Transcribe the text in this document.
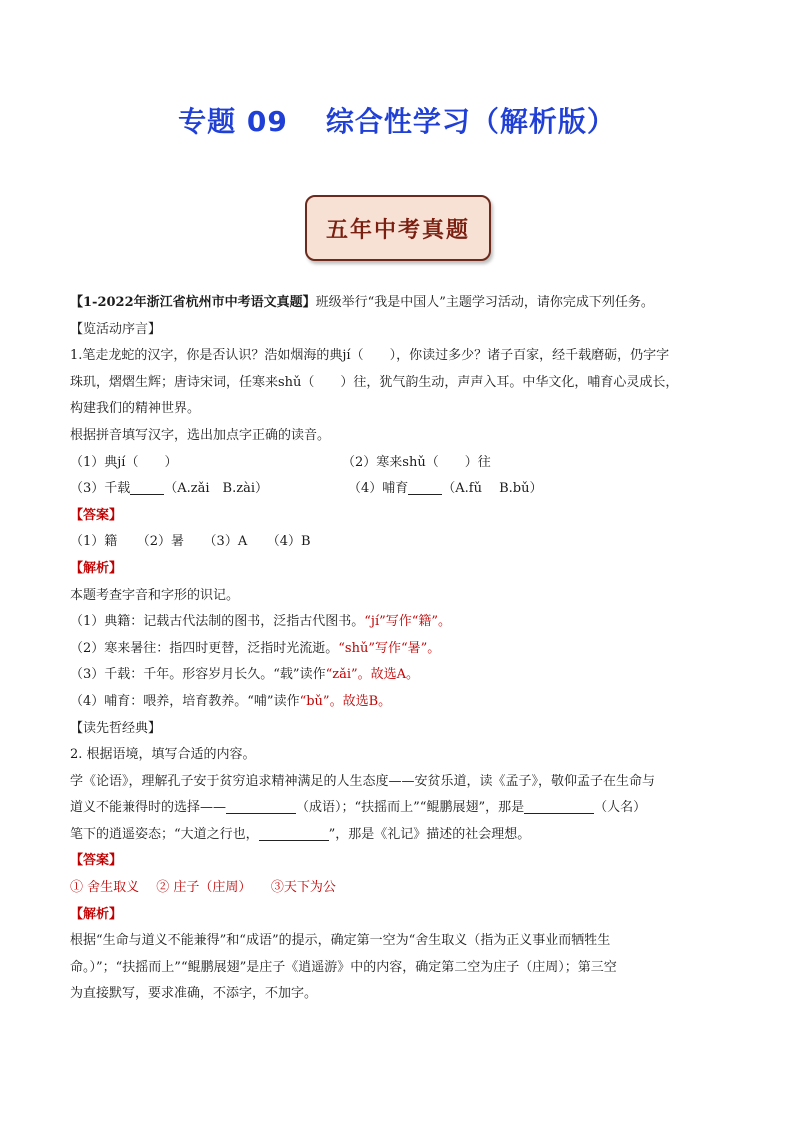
专题 09 综合性学习（解析版）
五年中考真题
【1-2022年浙江省杭州市中考语文真题】班级举行“我是中国人”主题学习活动，请你完成下列任务。
【览活动序言】
1.笔走龙蛇的汉字，你是否认识？浩如烟海的典jí（　　），你读过多少？诸子百家，经千载磨砺，仍字字
珠玑，熠熠生辉；唐诗宋词，任寒来shǔ（　　）往，犹气韵生动，声声入耳。中华文化，哺育心灵成长，
构建我们的精神世界。
根据拼音填写汉字，选出加点字正确的读音。
（1）典jí（　　）	（2）寒来shǔ（　　）往
（3）千载	（A.zǎi　B.zài）	（4）哺育	（A.fǔ　 B.bǔ）
【答案】
（1）籍　　（2）暑　　（3）A　　（4）B
【解析】
本题考查字音和字形的识记。
（1）典籍：记载古代法制的图书，泛指古代图书。“jí”写作“籍”。
（2）寒来暑往：指四时更替，泛指时光流逝。“shǔ”写作“暑”。
（3）千载：千年。形容岁月长久。“载”读作“zǎi”。故选A。
（4）哺育：喂养，培育教养。“哺”读作“bǔ”。故选B。
【读先哲经典】
2. 根据语境，填写合适的内容。
学《论语》，理解孔子安于贫穷追求精神满足的人生态度——安贫乐道，读《孟子》，敬仰孟子在生命与
道义不能兼得时的选择——	（成语）；“扶摇而上”“鲲鹏展翅”，那是	（人名）
笔下的逍遥姿态；“大道之行也，	”，那是《礼记》描述的社会理想。
【答案】
① 舍生取义　 ② 庄子（庄周）　　③天下为公
【解析】
根据“生命与道义不能兼得”和“成语”的提示，确定第一空为“舍生取义（指为正义事业而牺牲生
命。）”；“扶摇而上”“鲲鹏展翅”是庄子《逍遥游》中的内容，确定第二空为庄子（庄周）；第三空
为直接默写，要求准确，不添字，不加字。
